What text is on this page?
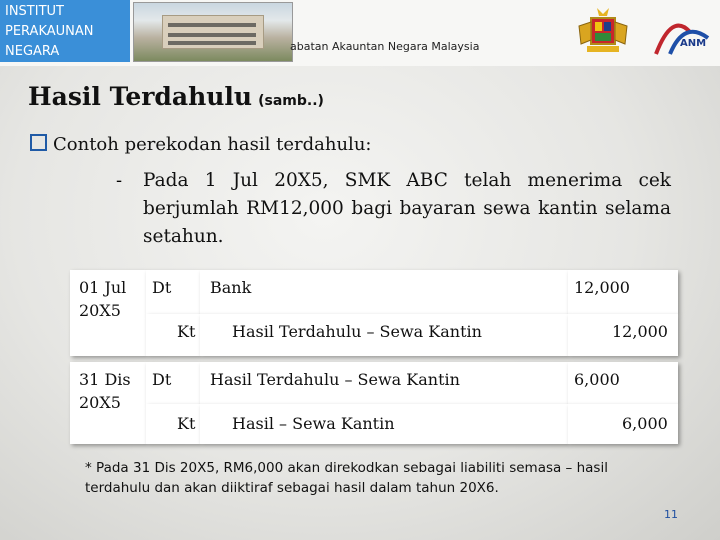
INSTITUT
PERAKAUNAN
NEGARA	abatan Akauntan Negara Malaysia	ANM
Hasil Terdahulu (samb..)
Contoh perekodan hasil terdahulu:
- Pada 1 Jul 20X5, SMK ABC telah menerima cek berjumlah RM12,000 bagi bayaran sewa kantin selama setahun.
01 Jul
20X5
Dt Bank	12,000
Kt Hasil Terdahulu – Sewa Kantin	12,000
31 Dis
20X5
Dt Hasil Terdahulu – Sewa Kantin	6,000
Kt Hasil – Sewa Kantin	6,000
* Pada 31 Dis 20X5, RM6,000 akan direkodkan sebagai liabiliti semasa – hasil terdahulu dan akan diiktiraf sebagai hasil dalam tahun 20X6.
11
